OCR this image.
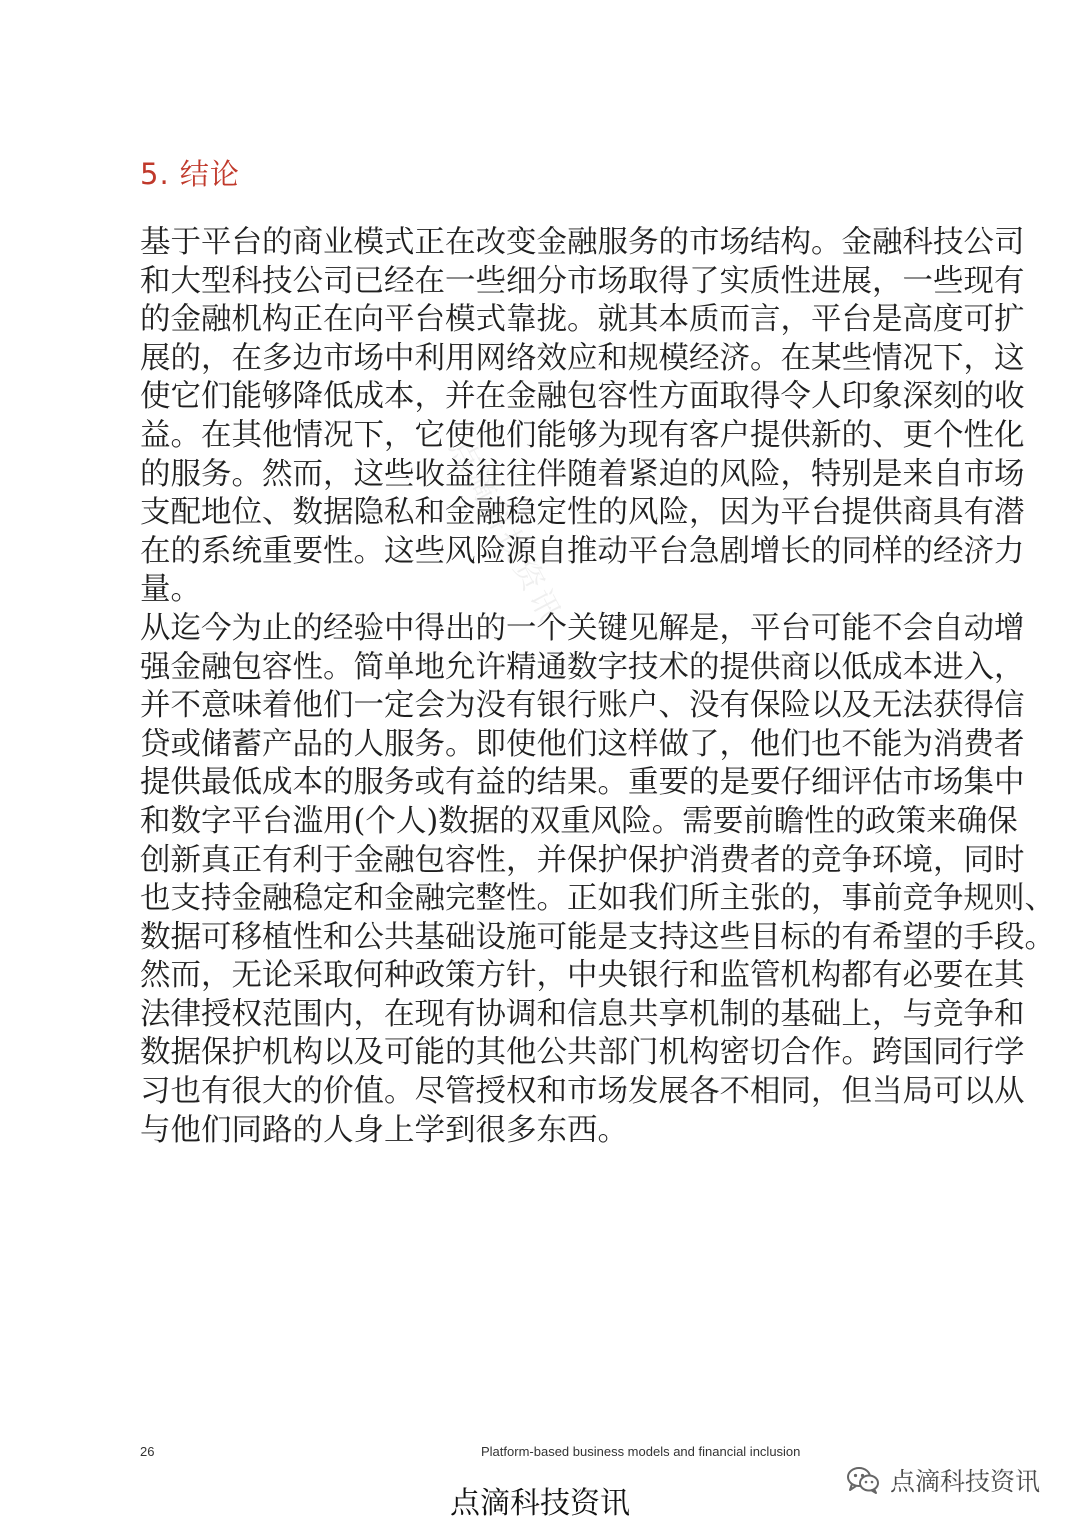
5. 结论
点滴科技资讯
基于平台的商业模式正在改变金融服务的市场结构。金融科技公司
和大型科技公司已经在一些细分市场取得了实质性进展，一些现有
的金融机构正在向平台模式靠拢。就其本质而言，平台是高度可扩
展的，在多边市场中利用网络效应和规模经济。在某些情况下，这
使它们能够降低成本，并在金融包容性方面取得令人印象深刻的收
益。在其他情况下，它使他们能够为现有客户提供新的、更个性化
的服务。然而，这些收益往往伴随着紧迫的风险，特别是来自市场
支配地位、数据隐私和金融稳定性的风险，因为平台提供商具有潜
在的系统重要性。这些风险源自推动平台急剧增长的同样的经济力
量。
从迄今为止的经验中得出的一个关键见解是，平台可能不会自动增
强金融包容性。简单地允许精通数字技术的提供商以低成本进入，
并不意味着他们一定会为没有银行账户、没有保险以及无法获得信
贷或储蓄产品的人服务。即使他们这样做了，他们也不能为消费者
提供最低成本的服务或有益的结果。重要的是要仔细评估市场集中
和数字平台滥用(个人)数据的双重风险。需要前瞻性的政策来确保
创新真正有利于金融包容性，并保护保护消费者的竞争环境，同时
也支持金融稳定和金融完整性。正如我们所主张的，事前竞争规则、
数据可移植性和公共基础设施可能是支持这些目标的有希望的手段。
然而，无论采取何种政策方针，中央银行和监管机构都有必要在其
法律授权范围内，在现有协调和信息共享机制的基础上，与竞争和
数据保护机构以及可能的其他公共部门机构密切合作。跨国同行学
习也有很大的价值。尽管授权和市场发展各不相同，但当局可以从
与他们同路的人身上学到很多东西。
26	Platform-based business models and financial inclusion
点滴科技资讯
点滴科技资讯
